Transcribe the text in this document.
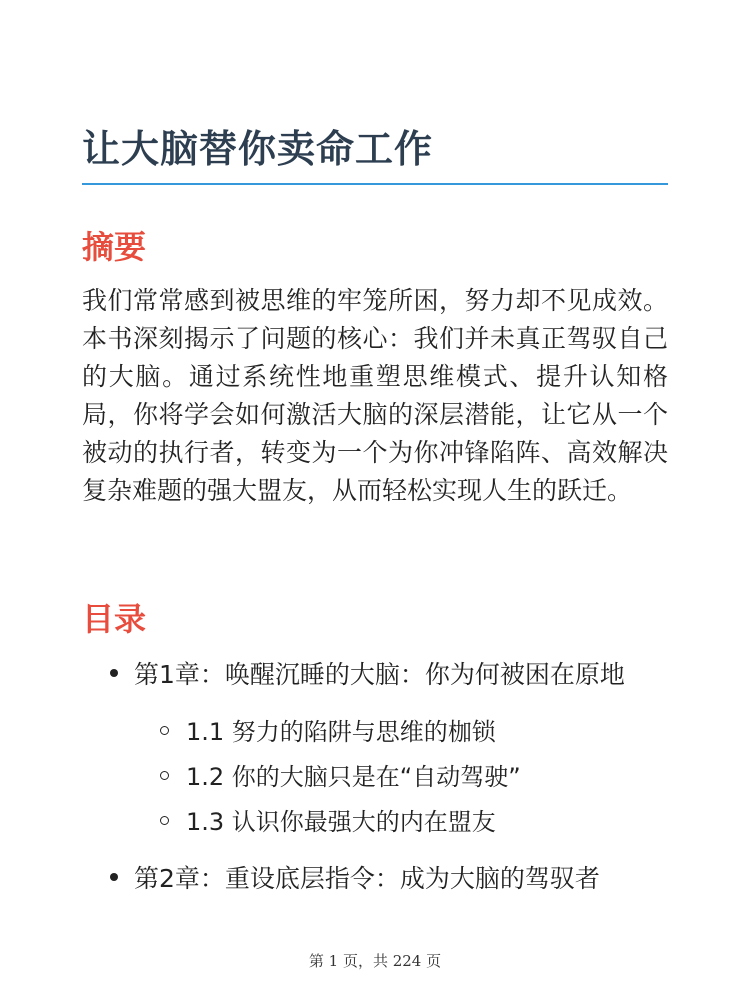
让大脑替你卖命工作
摘要

我们常常感到被思维的牢笼所困，努力却不见成效。本书深刻揭示了问题的核心：我们并未真正驾驭自己的大脑。通过系统性地重塑思维模式、提升认知格局，你将学会如何激活大脑的深层潜能，让它从一个被动的执行者，转变为一个为你冲锋陷阵、高效解决复杂难题的强大盟友，从而轻松实现人生的跃迁。

目录
第1章：唤醒沉睡的大脑：你为何被困在原地
1.1 努力的陷阱与思维的枷锁
1.2 你的大脑只是在“自动驾驶”
1.3 认识你最强大的内在盟友
第2章：重设底层指令：成为大脑的驾驭者
第 1 页，共 224 页
